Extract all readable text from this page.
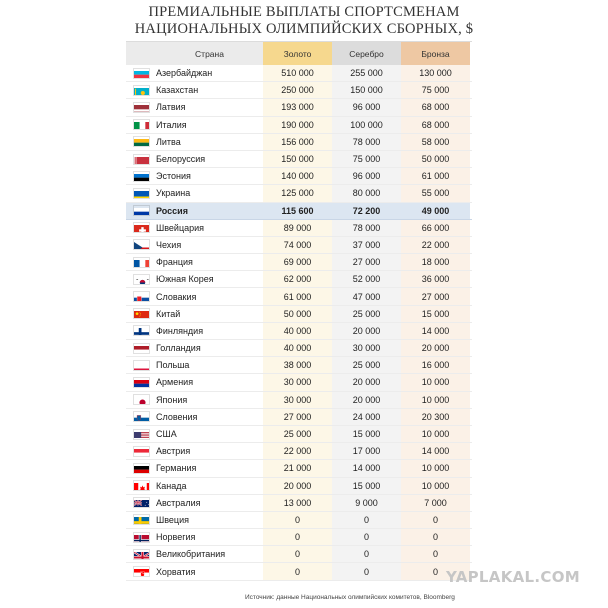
ПРЕМИАЛЬНЫЕ ВЫПЛАТЫ СПОРТСМЕНАМ
НАЦИОНАЛЬНЫХ ОЛИМПИЙСКИХ СБОРНЫХ, $
Страна	Золото	Серебро	Бронза
Азербайджан	510 000	255 000	130 000
Казахстан	250 000	150 000	75 000
Латвия	193 000	96 000	68 000
Италия	190 000	100 000	68 000
Литва	156 000	78 000	58 000
Белоруссия	150 000	75 000	50 000
Эстония	140 000	96 000	61 000
Украина	125 000	80 000	55 000
Россия	115 600	72 200	49 000
Швейцария	89 000	78 000	66 000
Чехия	74 000	37 000	22 000
Франция	69 000	27 000	18 000
Южная Корея	62 000	52 000	36 000
Словакия	61 000	47 000	27 000
Китай	50 000	25 000	15 000
Финляндия	40 000	20 000	14 000
Голландия	40 000	30 000	20 000
Польша	38 000	25 000	16 000
Армения	30 000	20 000	10 000
Япония	30 000	20 000	10 000
Словения	27 000	24 000	20 300
США	25 000	15 000	10 000
Австрия	22 000	17 000	14 000
Германия	21 000	14 000	10 000
Канада	20 000	15 000	10 000
Австралия	13 000	9 000	7 000
Швеция	0	0	0
Норвегия	0	0	0
Великобритания	0	0	0
Хорватия	0	0	0
Источник: данные Национальных олимпийских комитетов, Bloomberg
YAPLAKAL.COM
